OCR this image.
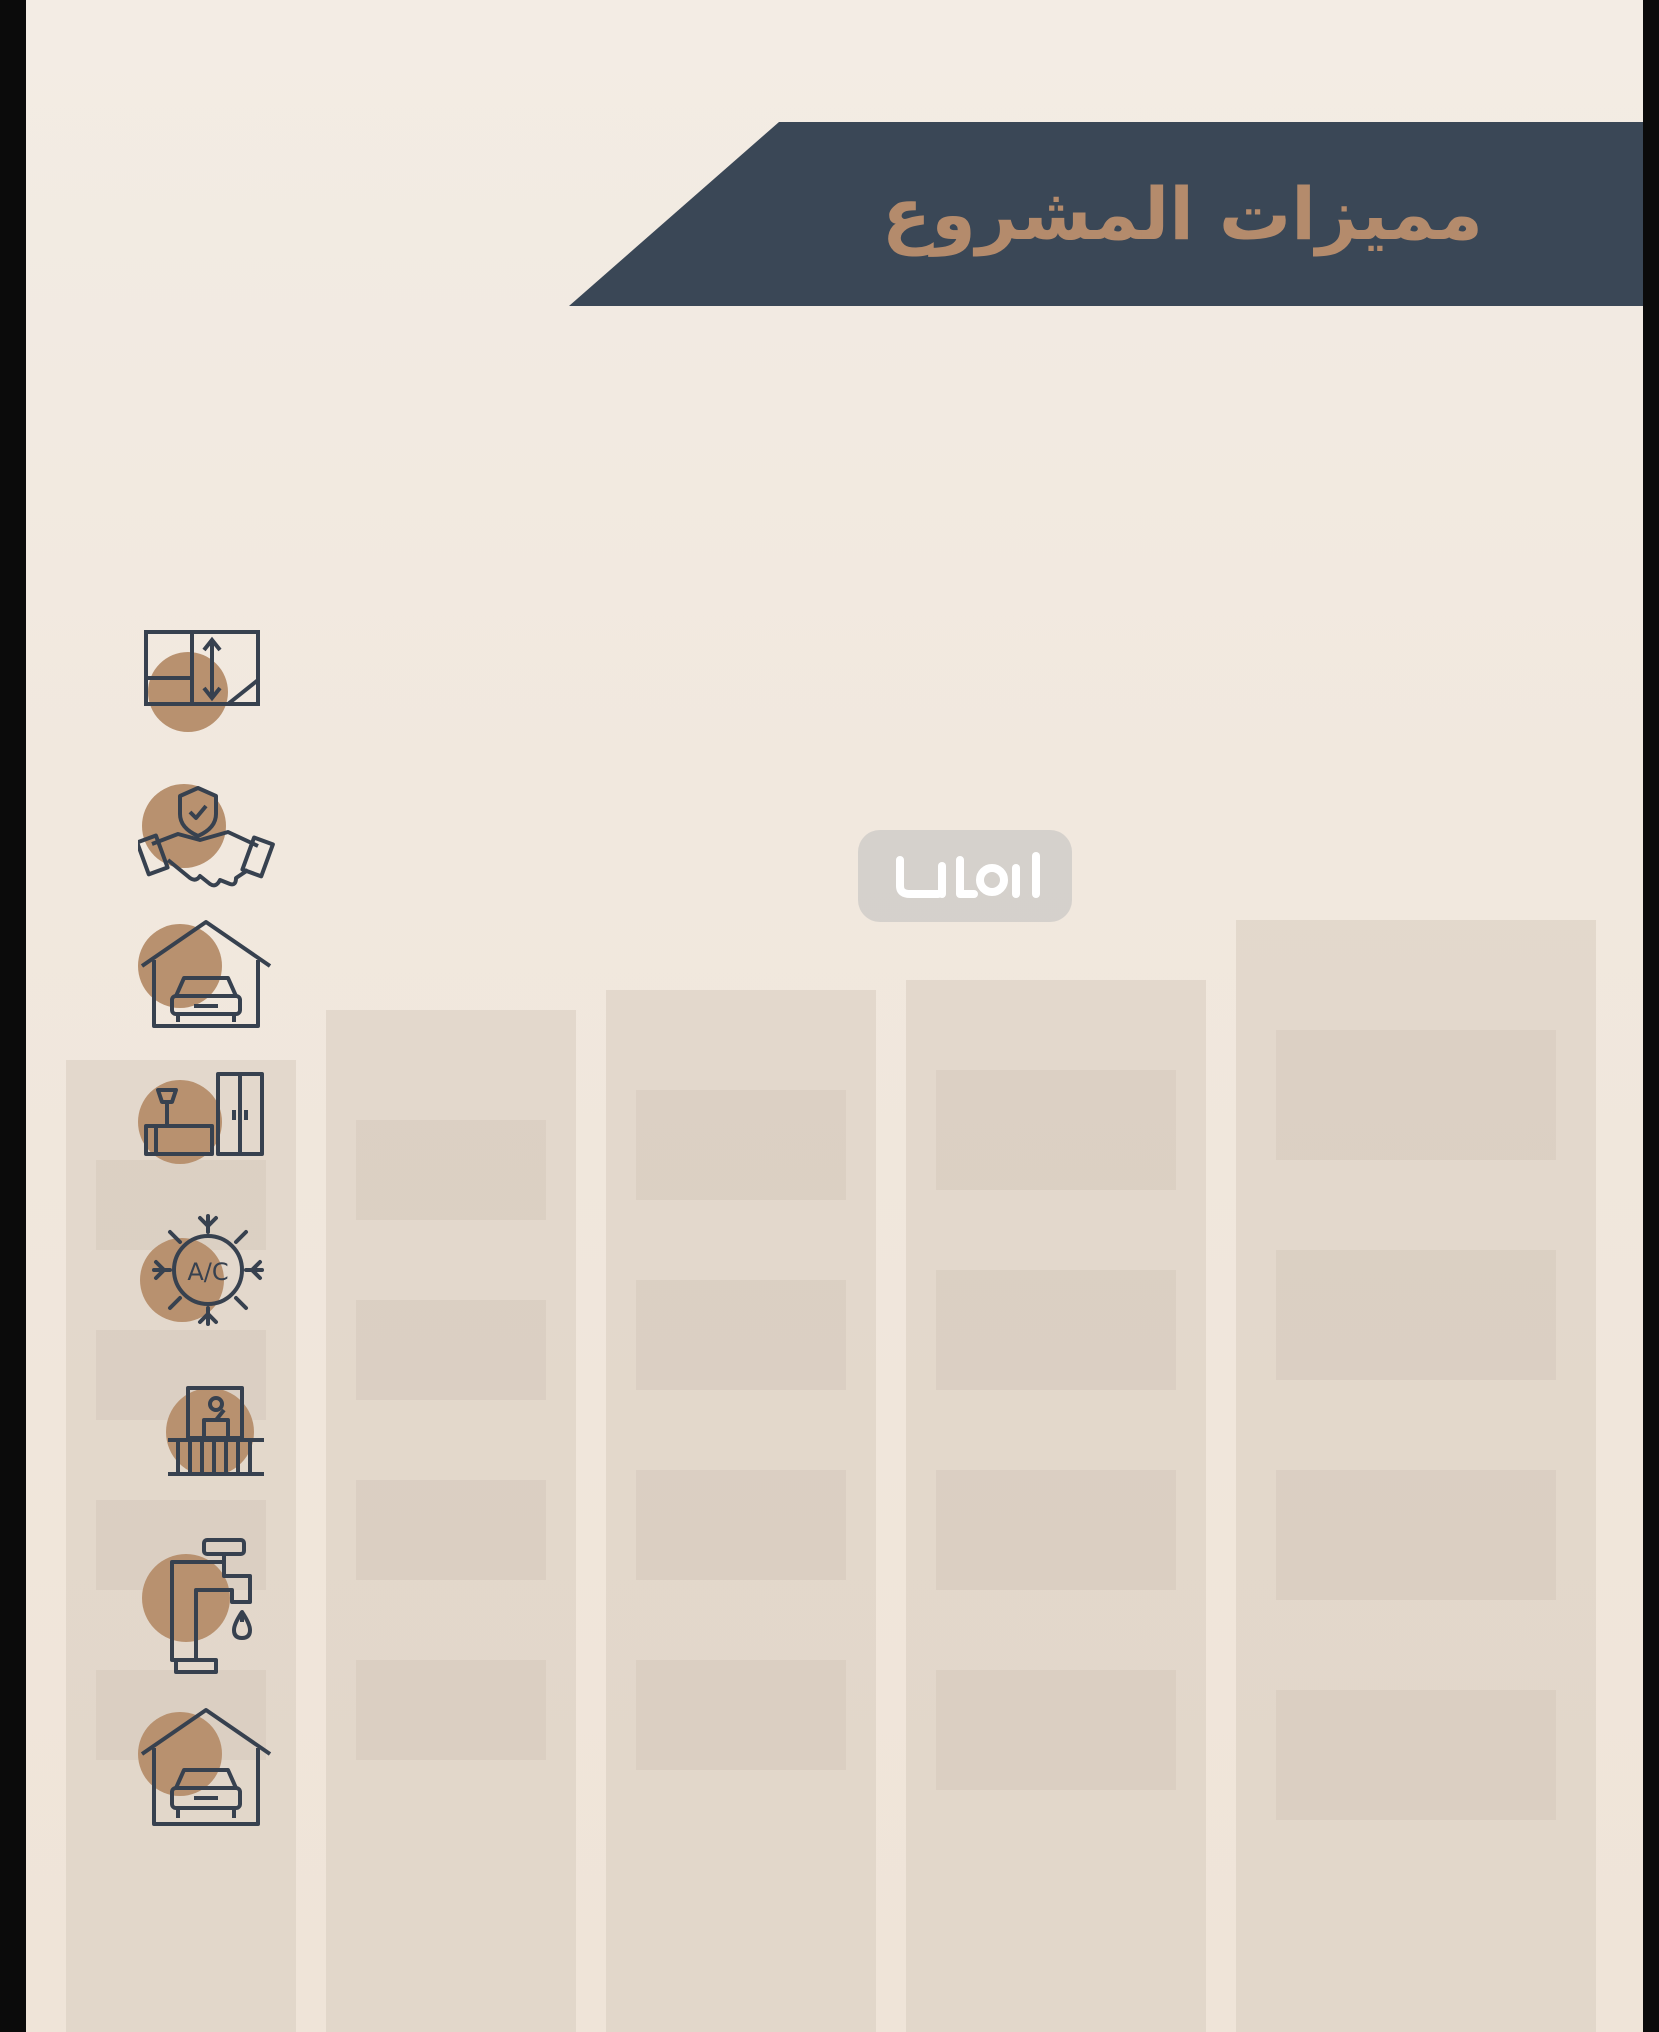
مميزات المشروع
A/C
